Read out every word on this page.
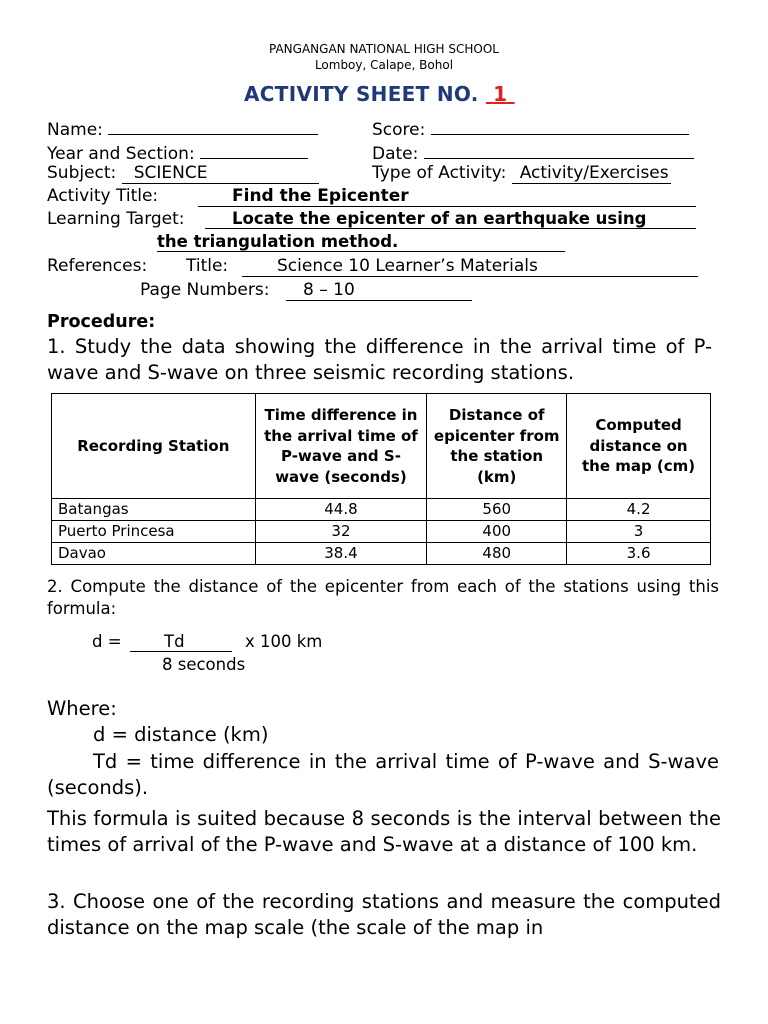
PANGANGAN NATIONAL HIGH SCHOOL
Lomboy, Calape, Bohol
ACTIVITY SHEET NO. 1
Name:	Score:
Year and Section:	Date:
Subject: SCIENCE	Type of Activity: Activity/Exercises
Activity Title:	Find the Epicenter
Learning Target:	Locate the epicenter of an earthquake using
the triangulation method.
References: Title:	Science 10 Learner’s Materials
Page Numbers:	8 – 10
Procedure:
1. Study the data showing the difference in the arrival time of P-wave and S-wave on three seismic recording stations.
Recording Station	Time difference in the arrival time of P-wave and S-wave (seconds)	Distance of epicenter from the station (km)	Computed distance on the map (cm)
Batangas	44.8	560	4.2
Puerto Princesa	32	400	3
Davao	38.4	480	3.6
2. Compute the distance of the epicenter from each of the stations using this formula:
d =	Td	x 100 km
8 seconds
Where:
d = distance (km)
Td = time difference in the arrival time of P-wave and S-wave (seconds).
This formula is suited because 8 seconds is the interval between the times of arrival of the P-wave and S-wave at a distance of 100 km.
3. Choose one of the recording stations and measure the computed distance on the map scale (the scale of the map in
